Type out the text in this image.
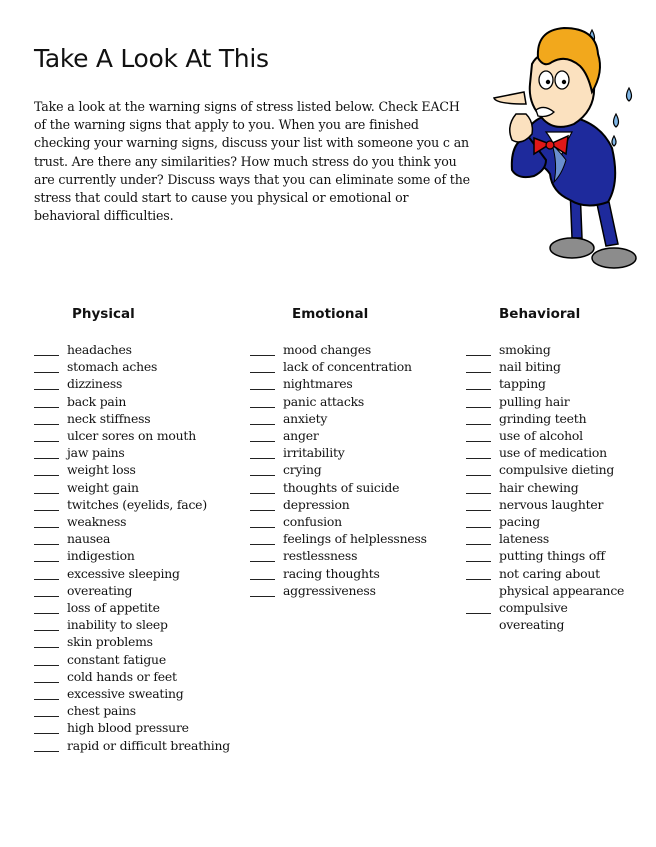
Take A Look At This
Take a look at the warning signs of stress listed below. Check EACH of the warning signs that apply to you. When you are finished checking your warning signs, discuss your list with someone you c an trust. Are there any similarities? How much stress do you think you are currently under? Discuss ways that you can eliminate some of the stress that could start to cause you physical or emotional or behavioral difficulties.
Physical
headaches
stomach aches
dizziness
back pain
neck stiffness
ulcer sores on mouth
jaw pains
weight loss
weight gain
twitches (eyelids, face)
weakness
nausea
indigestion
excessive sleeping
overeating
loss of appetite
inability to sleep
skin problems
constant fatigue
cold hands or feet
excessive sweating
chest pains
high blood pressure
rapid or difficult breathing
Emotional
mood changes
lack of concentration
nightmares
panic attacks
anxiety
anger
irritability
crying
thoughts of suicide
depression
confusion
feelings of helplessness
restlessness
racing thoughts
aggressiveness
Behavioral
smoking
nail biting
tapping
pulling hair
grinding teeth
use of alcohol
use of medication
compulsive dieting
hair chewing
nervous laughter
pacing
lateness
putting things off
not caring about
physical appearance
compulsive
overeating
